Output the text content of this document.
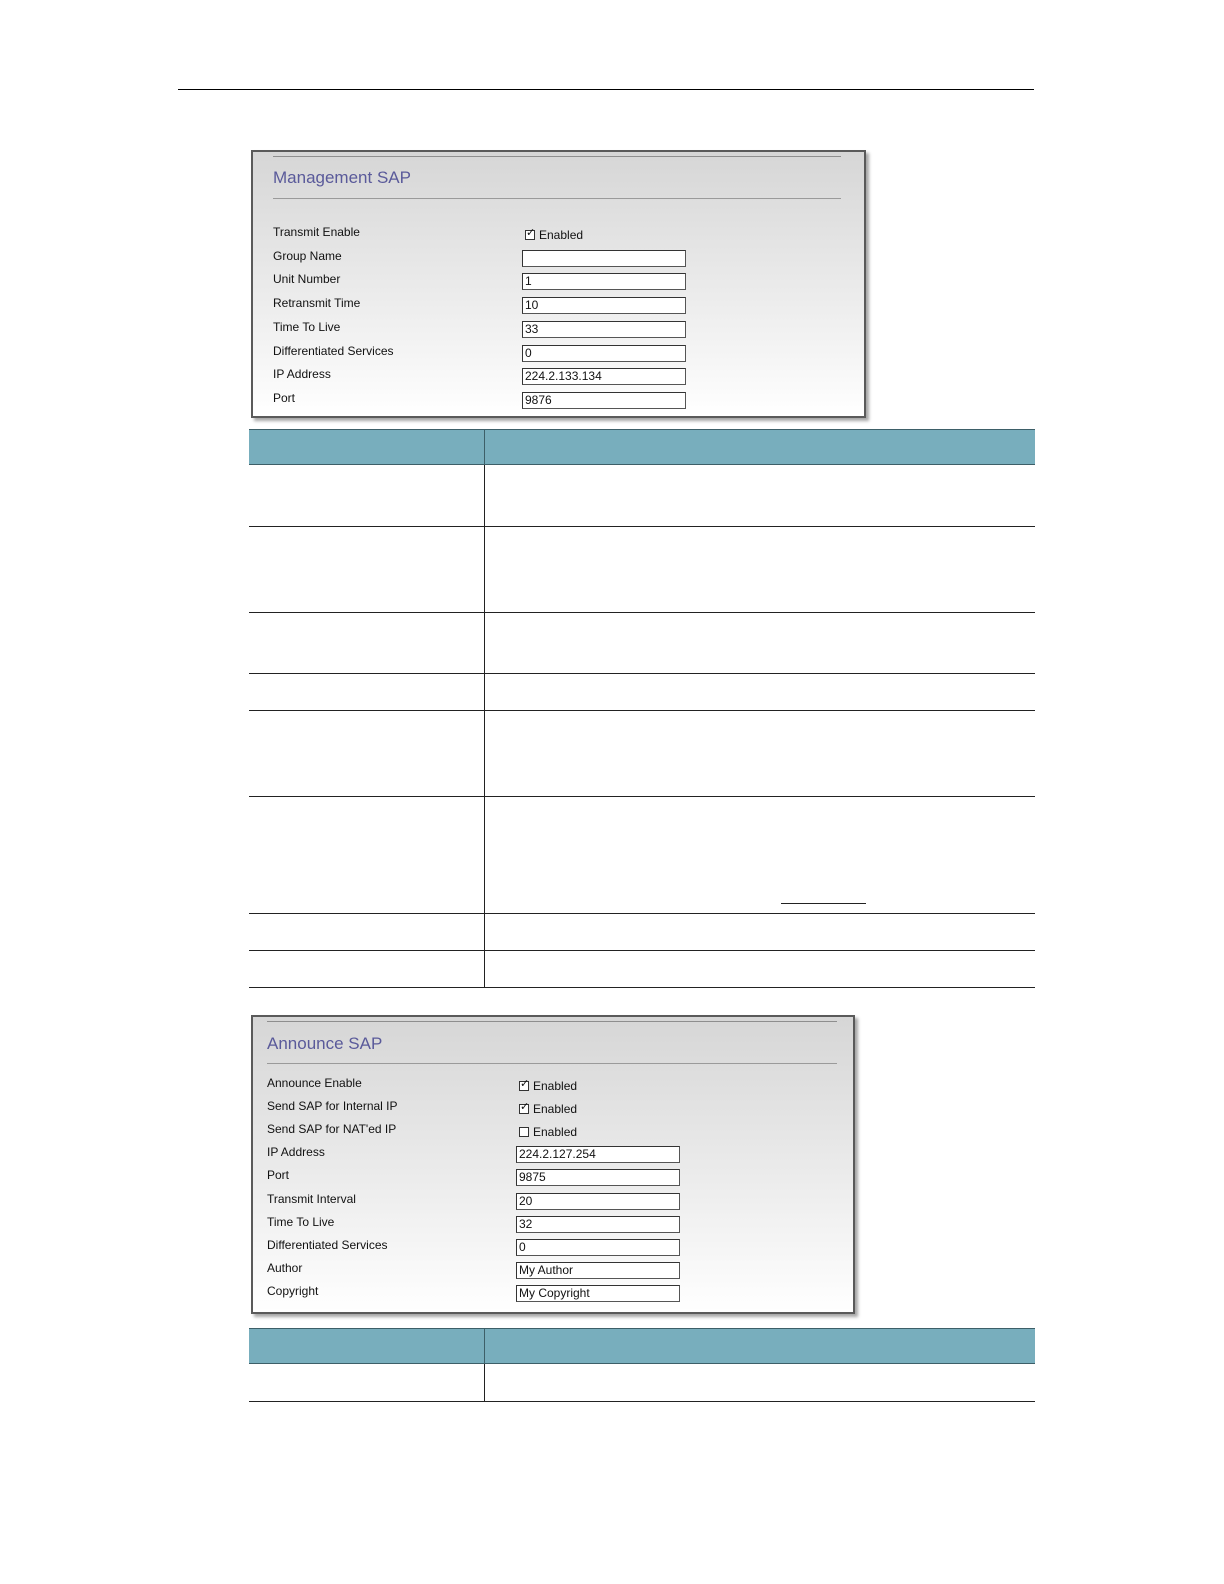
Management SAP
Transmit Enable	✓ Enabled
Group Name
Unit Number	1
Retransmit Time	10
Time To Live	33
Differentiated Services	0
IP Address	224.2.133.134
Port	9876
Announce SAP
Announce Enable	✓ Enabled
Send SAP for Internal IP	✓ Enabled
Send SAP for NAT'ed IP	Enabled
IP Address	224.2.127.254
Port	9875
Transmit Interval	20
Time To Live	32
Differentiated Services	0
Author	My Author
Copyright	My Copyright
